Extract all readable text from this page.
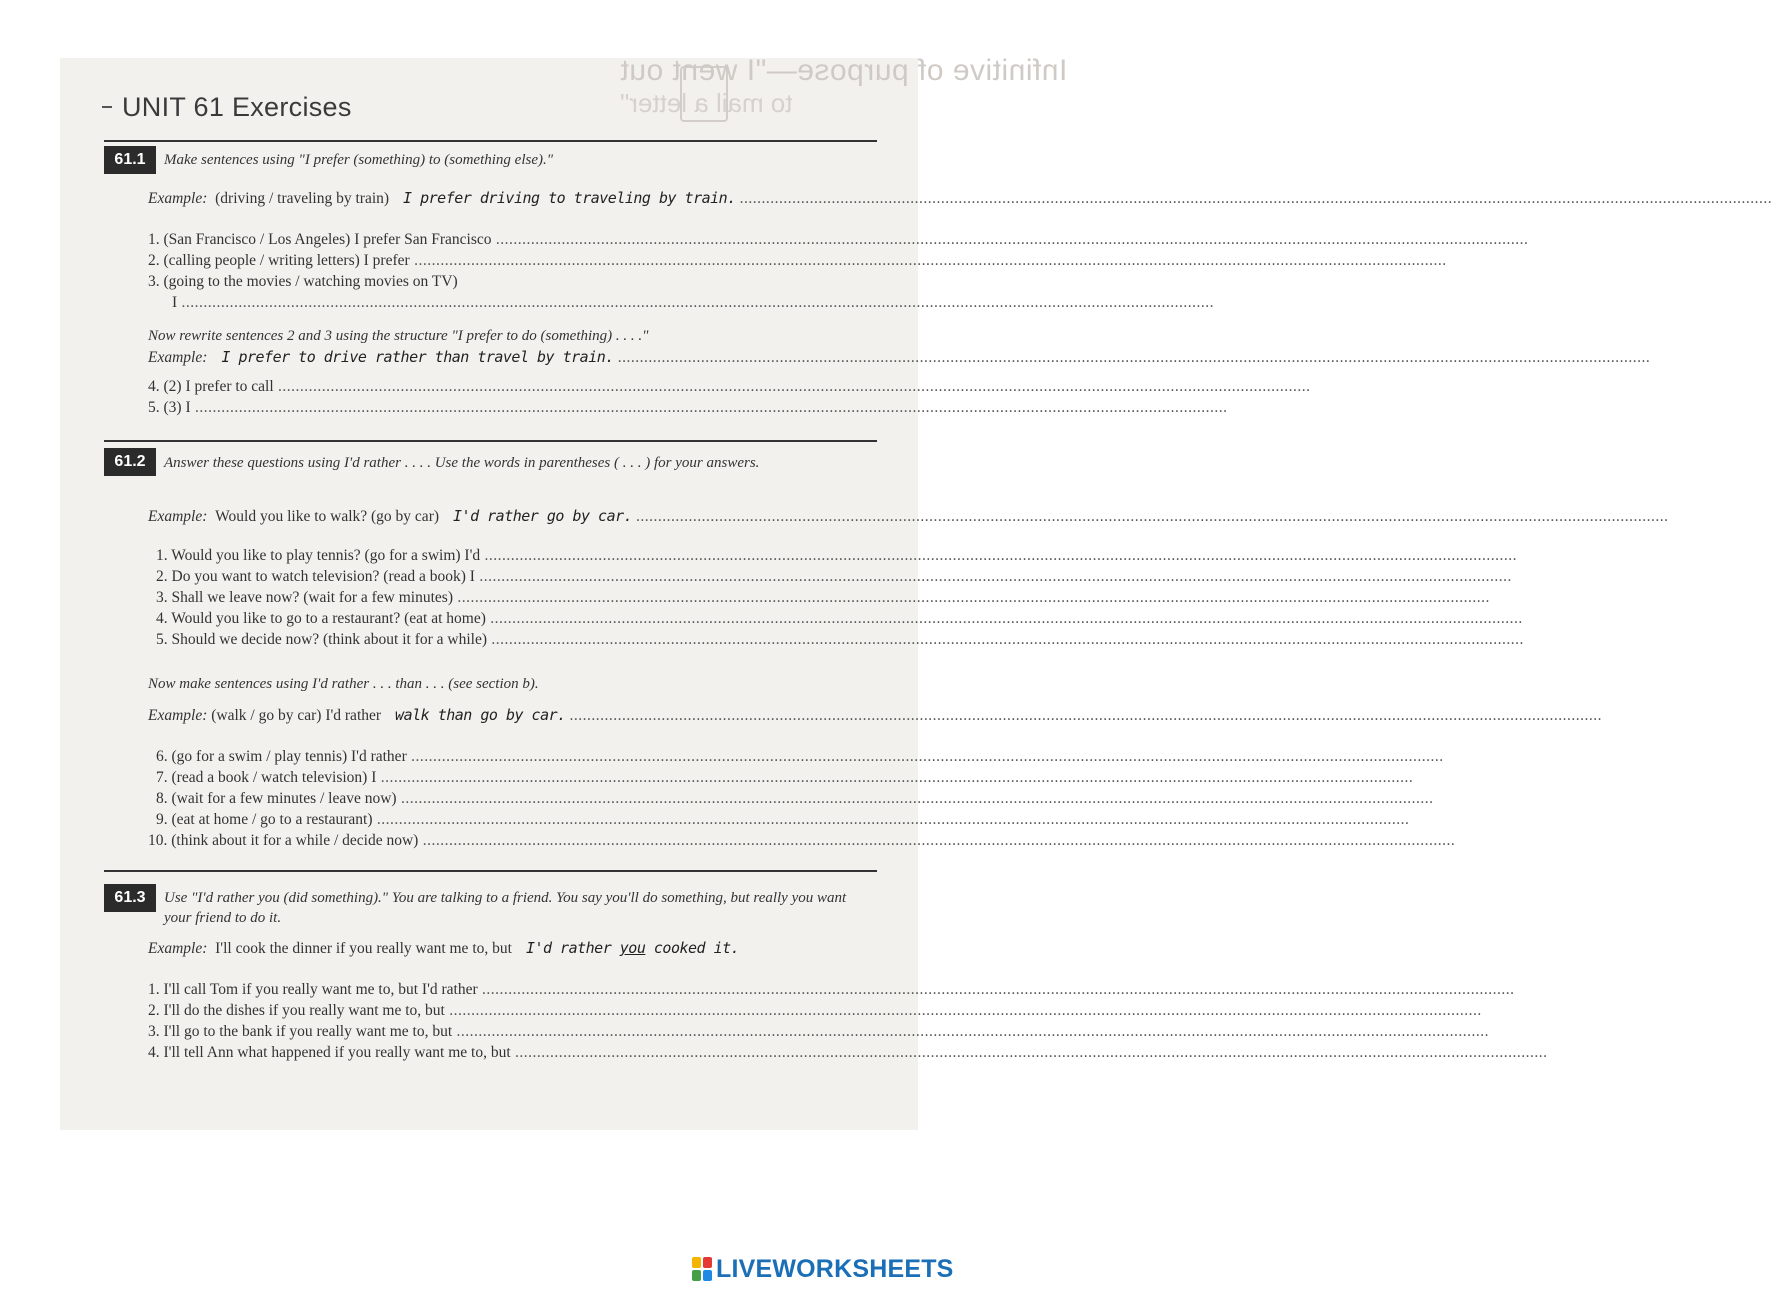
Infinitive of purpose—"I went out
to mail a letter"
UNIT 61 Exercises
61.1	Make sentences using "I prefer (something) to (something else)."
Example: (driving / traveling by train) I prefer driving to traveling by train. .....
1. (San Francisco / Los Angeles) I prefer San Francisco .....
2. (calling people / writing letters) I prefer .....
3. (going to the movies / watching movies on TV)
I .....
Now rewrite sentences 2 and 3 using the structure "I prefer to do (something) . . . ."
Example: I prefer to drive rather than travel by train. .....
4. (2) I prefer to call .....
5. (3) I .....
61.2	Answer these questions using I'd rather . . . . Use the words in parentheses ( . . . ) for your answers.
Example: Would you like to walk? (go by car) I'd rather go by car. .....
1. Would you like to play tennis? (go for a swim) I'd .....
2. Do you want to watch television? (read a book) I .....
3. Shall we leave now? (wait for a few minutes) .....
4. Would you like to go to a restaurant? (eat at home) .....
5. Should we decide now? (think about it for a while) .....
Now make sentences using I'd rather . . . than . . . (see section b).
Example: (walk / go by car) I'd rather walk than go by car. .....
6. (go for a swim / play tennis) I'd rather .....
7. (read a book / watch television) I .....
8. (wait for a few minutes / leave now) .....
9. (eat at home / go to a restaurant) .....
10. (think about it for a while / decide now) .....
61.3	Use "I'd rather you (did something)." You are talking to a friend. You say you'll do something, but really you want your friend to do it.
Example: I'll cook the dinner if you really want me to, but I'd rather you cooked it.
1. I'll call Tom if you really want me to, but I'd rather .....
2. I'll do the dishes if you really want me to, but .....
3. I'll go to the bank if you really want me to, but .....
4. I'll tell Ann what happened if you really want me to, but .....
LIVEWORKSHEETS
